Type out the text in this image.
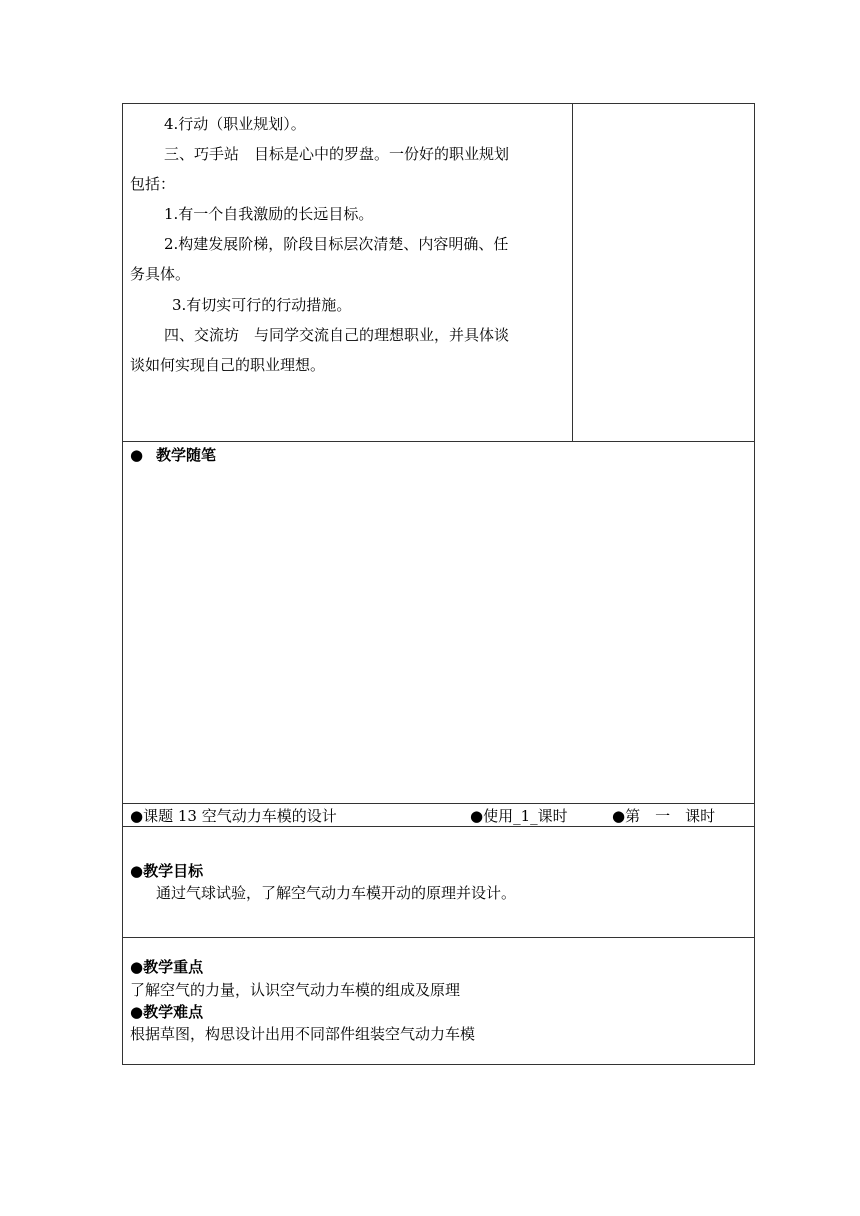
4.行动（职业规划）。
三、巧手站　目标是心中的罗盘。一份好的职业规划
包括：
1.有一个自我激励的长远目标。
2.构建发展阶梯，阶段目标层次清楚、内容明确、任
务具体。
3.有切实可行的行动措施。
四、交流坊　与同学交流自己的理想职业，并具体谈
谈如何实现自己的职业理想。
● 教学随笔
●课题 13 空气动力车模的设计	●使用_1_课时	●第　一　课时
●教学目标
通过气球试验，了解空气动力车模开动的原理并设计。
●教学重点
了解空气的力量，认识空气动力车模的组成及原理
●教学难点
根据草图，构思设计出用不同部件组装空气动力车模
